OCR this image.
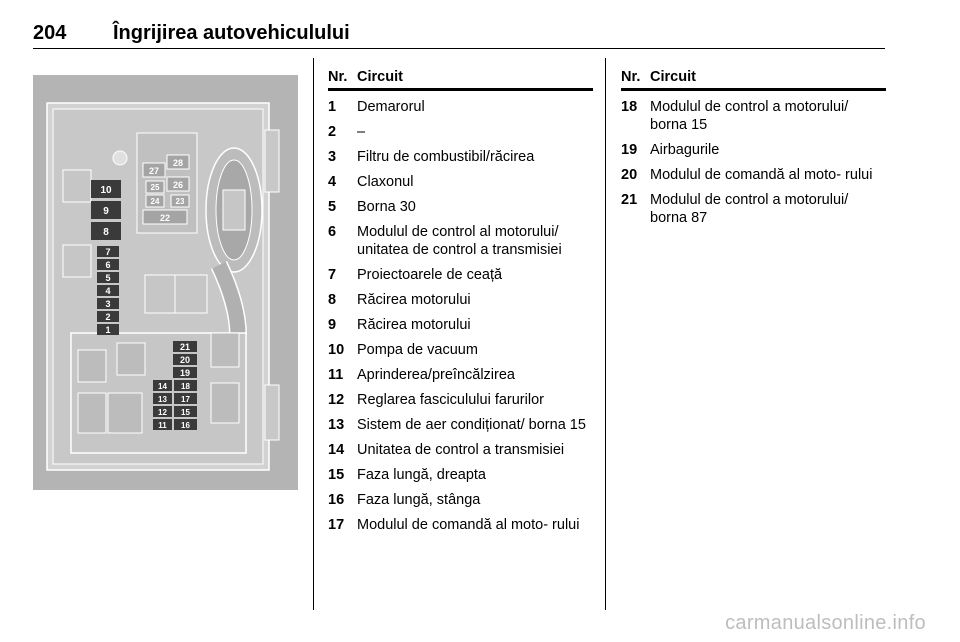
204 Îngrijirea autovehiculului
10
9
8
7
6
5
4
3
2
1
28
27
26
25
24 23
22
21
20
19
14 18
13 17
12 15
11 16
Nr. Circuit
1 Demarorul
2 –
3 Filtru de combustibil/răcirea
4 Claxonul
5 Borna 30
6 Modulul de control al motorului/ unitatea de control a transmisiei
7 Proiectoarele de ceață
8 Răcirea motorului
9 Răcirea motorului
10 Pompa de vacuum
11 Aprinderea/preîncălzirea
12 Reglarea fasciculului farurilor
13 Sistem de aer condiționat/ borna 15
14 Unitatea de control a transmisiei
15 Faza lungă, dreapta
16 Faza lungă, stânga
17 Modulul de comandă al moto- rului
Nr. Circuit
18 Modulul de control a motorului/ borna 15
19 Airbagurile
20 Modulul de comandă al moto- rului
21 Modulul de control a motorului/ borna 87
carmanualsonline.info
